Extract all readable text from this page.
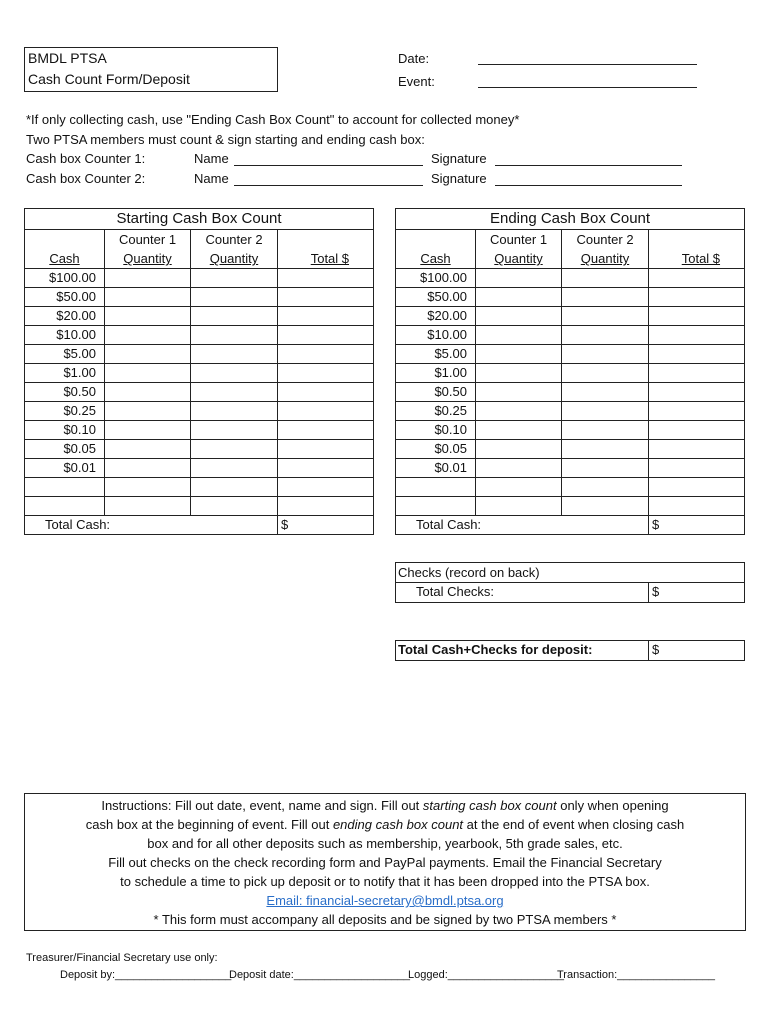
BMDL PTSA
Cash Count Form/Deposit
Date:
Event:
*If only collecting cash, use "Ending Cash Box Count" to account for collected money*
Two PTSA members must count & sign starting and ending cash box:
Cash box Counter 1:	Name	Signature
Cash box Counter 2:	Name	Signature
Starting Cash Box Count			
	Counter 1	Counter 2	
Cash	Quantity	Quantity	Total $
$100.00			
$50.00			
$20.00			
$10.00			
$5.00			
$1.00			
$0.50			
$0.25			
$0.10			
$0.05			
$0.01			

Total Cash:			$
Ending Cash Box Count			
	Counter 1	Counter 2	
Cash	Quantity	Quantity	Total $
$100.00			
$50.00			
$20.00			
$10.00			
$5.00			
$1.00			
$0.50			
$0.25			
$0.10			
$0.05			
$0.01			

Total Cash:			$
Checks (record on back)
Total Checks:	$
Total Cash+Checks for deposit:	$

Instructions: Fill out date, event, name and sign. Fill out starting cash box count only when opening

cash box at the beginning of event. Fill out ending cash box count at the end of event when closing cash

box and for all other deposits such as membership, yearbook, 5th grade sales, etc.

Fill out checks on the check recording form and PayPal payments. Email the Financial Secretary

to schedule a time to pick up deposit or to notify that it has been dropped into the PTSA box.

Email: financial-secretary@bmdl.ptsa.org

* This form must accompany all deposits and be signed by two PTSA members *

Treasurer/Financial Secretary use only:
Deposit by:___________________
Deposit date:___________________
Logged:___________________
Transaction:________________
